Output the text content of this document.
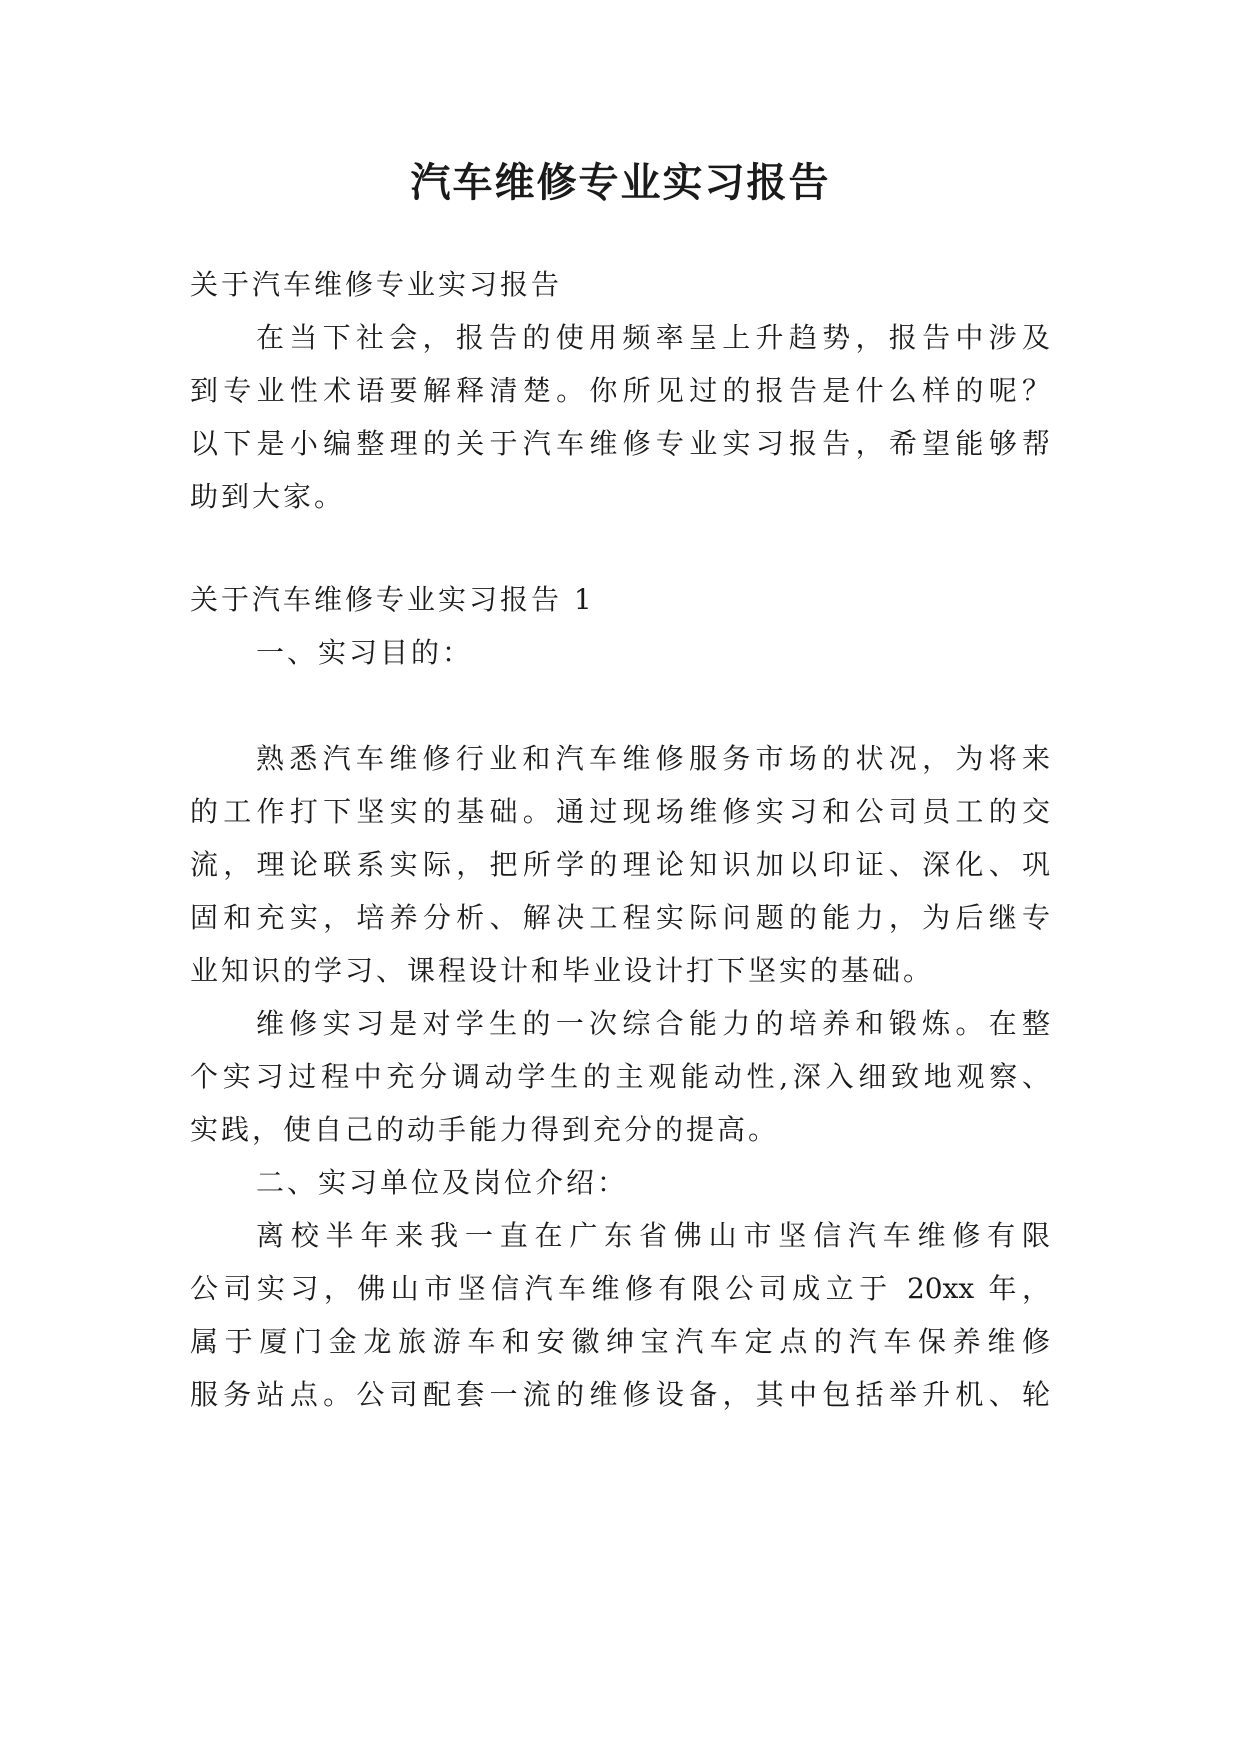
汽车维修专业实习报告
关于汽车维修专业实习报告
在当下社会，报告的使用频率呈上升趋势，报告中涉及
到专业性术语要解释清楚。你所见过的报告是什么样的呢？
以下是小编整理的关于汽车维修专业实习报告，希望能够帮
助到大家。
关于汽车维修专业实习报告 1
一、实习目的：
熟悉汽车维修行业和汽车维修服务市场的状况，为将来
的工作打下坚实的基础。通过现场维修实习和公司员工的交
流，理论联系实际，把所学的理论知识加以印证、深化、巩
固和充实，培养分析、解决工程实际问题的能力，为后继专
业知识的学习、课程设计和毕业设计打下坚实的基础。
维修实习是对学生的一次综合能力的培养和锻炼。在整
个实习过程中充分调动学生的主观能动性,深入细致地观察、
实践，使自己的动手能力得到充分的提高。
二、实习单位及岗位介绍：
离校半年来我一直在广东省佛山市坚信汽车维修有限
公司实习，佛山市坚信汽车维修有限公司成立于 20xx 年，
属于厦门金龙旅游车和安徽绅宝汽车定点的汽车保养维修
服务站点。公司配套一流的维修设备，其中包括举升机、轮
